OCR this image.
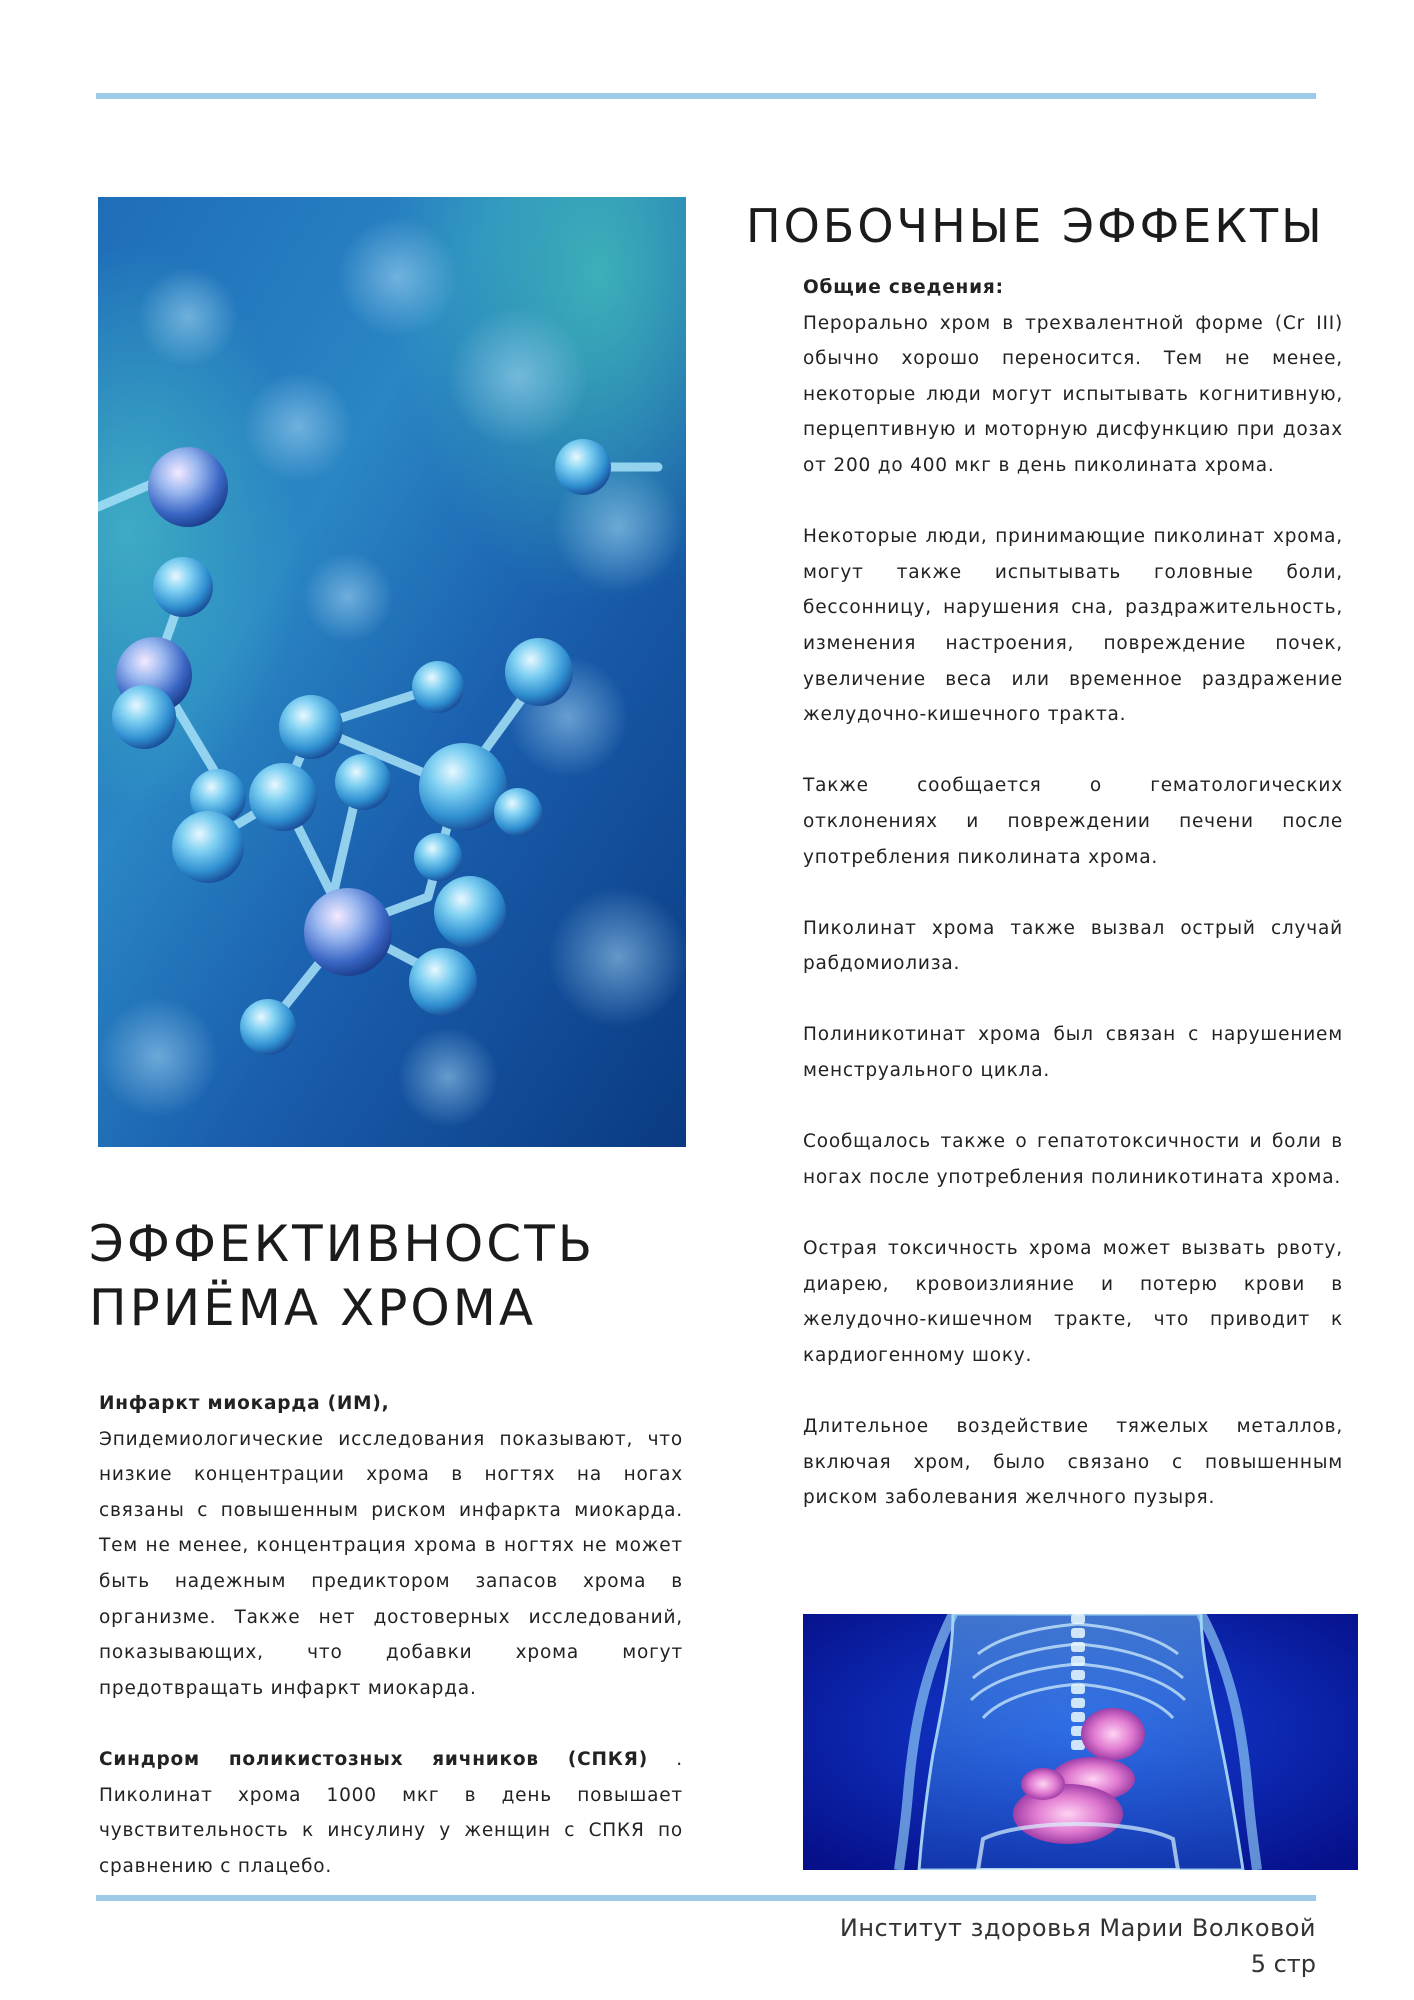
ПОБОЧНЫЕ ЭФФЕКТЫ

Общие сведения:

Перорально хром в трехвалентной форме (Cr III) обычно хорошо переносится. Тем не менее, некоторые люди могут испытывать когнитивную, перцептивную и моторную дисфункцию при дозах от 200 до 400 мкг в день пиколината хрома.

Некоторые люди, принимающие пиколинат хрома, могут также испытывать головные боли, бессонницу, нарушения сна, раздражительность, изменения настроения, повреждение почек, увеличение веса или временное раздражение желудочно-кишечного тракта.

Также сообщается о гематологических отклонениях и повреждении печени после употребления пиколината хрома.

Пиколинат хрома также вызвал острый случай рабдомиолиза.

Полиникотинат хрома был связан с нарушением менструального цикла.

Сообщалось также о гепатотоксичности и боли в ногах после употребления полиникотината хрома.

Острая токсичность хрома может вызвать рвоту, диарею, кровоизлияние и потерю крови в желудочно-кишечном тракте, что приводит к кардиогенному шоку.

Длительное воздействие тяжелых металлов, включая хром, было связано с повышенным риском заболевания желчного пузыря.

ЭФФЕКТИВНОСТЬ
ПРИЁМА ХРОМА

Инфаркт миокарда (ИМ),

Эпидемиологические исследования показывают, что низкие концентрации хрома в ногтях на ногах связаны с повышенным риском инфаркта миокарда. Тем не менее, концентрация хрома в ногтях не может быть надежным предиктором запасов хрома в организме. Также нет достоверных исследований, показывающих, что добавки хрома могут предотвращать инфаркт миокарда.

Синдром поликистозных яичников (СПКЯ) . Пиколинат хрома 1000 мкг в день повышает чувствительность к инсулину у женщин с СПКЯ по сравнению с плацебо.

Институт здоровья Марии Волковой
5 стр
